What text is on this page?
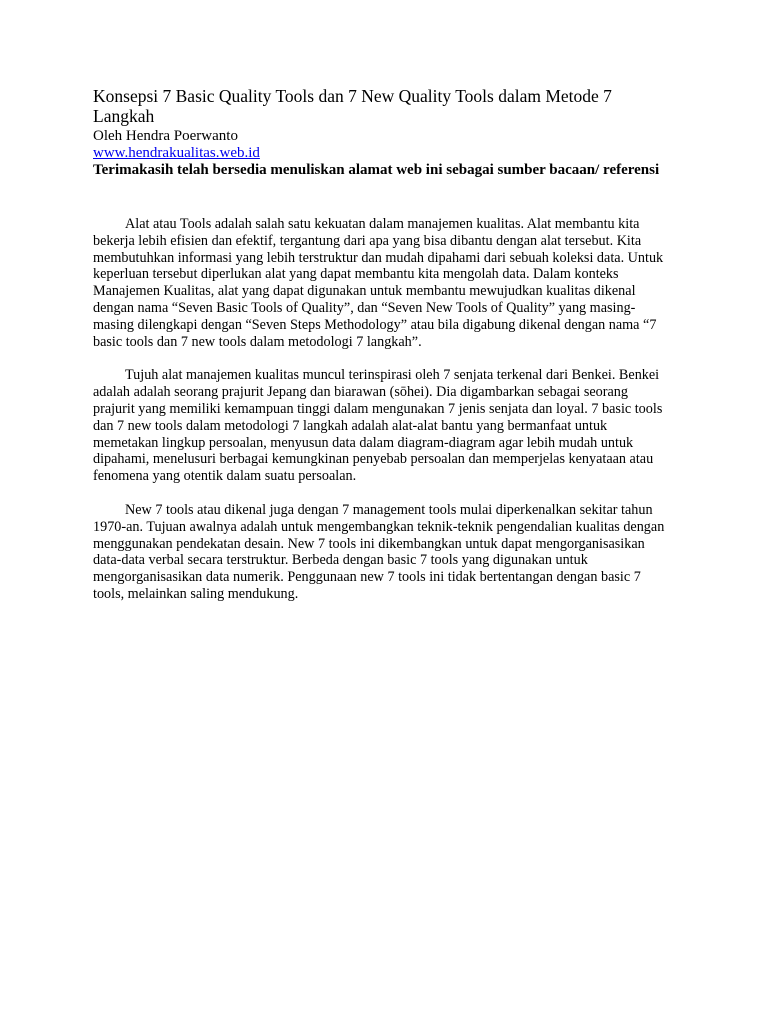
Konsepsi 7 Basic Quality Tools dan 7 New Quality Tools dalam Metode 7 Langkah

Oleh Hendra Poerwanto

www.hendrakualitas.web.id

Terimakasih telah bersedia menuliskan alamat web ini sebagai sumber bacaan/ referensi

Alat atau Tools adalah salah satu kekuatan dalam manajemen kualitas. Alat membantu kita bekerja lebih efisien dan efektif, tergantung dari apa yang bisa dibantu dengan alat tersebut. Kita membutuhkan informasi yang lebih terstruktur dan mudah dipahami dari sebuah koleksi data. Untuk keperluan tersebut diperlukan alat yang dapat membantu kita mengolah data. Dalam konteks Manajemen Kualitas, alat yang dapat digunakan untuk membantu mewujudkan kualitas dikenal dengan nama “Seven Basic Tools of Quality”, dan “Seven New Tools of Quality” yang masing-masing dilengkapi dengan “Seven Steps Methodology” atau bila digabung dikenal dengan nama “7 basic tools dan 7 new tools dalam metodologi 7 langkah”.

Tujuh alat manajemen kualitas muncul terinspirasi oleh 7 senjata terkenal dari Benkei. Benkei adalah adalah seorang prajurit Jepang dan biarawan (sōhei). Dia digambarkan sebagai seorang prajurit yang memiliki kemampuan tinggi dalam mengunakan 7 jenis senjata dan loyal. 7 basic tools dan 7 new tools dalam metodologi 7 langkah adalah alat-alat bantu yang bermanfaat untuk memetakan lingkup persoalan, menyusun data dalam diagram-diagram agar lebih mudah untuk dipahami, menelusuri berbagai kemungkinan penyebab persoalan dan memperjelas kenyataan atau fenomena yang otentik dalam suatu persoalan.

New 7 tools atau dikenal juga dengan 7 management tools mulai diperkenalkan sekitar tahun 1970-an. Tujuan awalnya adalah untuk mengembangkan teknik-teknik pengendalian kualitas dengan menggunakan pendekatan desain. New 7 tools ini dikembangkan untuk dapat mengorganisasikan data-data verbal secara terstruktur. Berbeda dengan basic 7 tools yang digunakan untuk mengorganisasikan data numerik. Penggunaan new 7 tools ini tidak bertentangan dengan basic 7 tools, melainkan saling mendukung.
